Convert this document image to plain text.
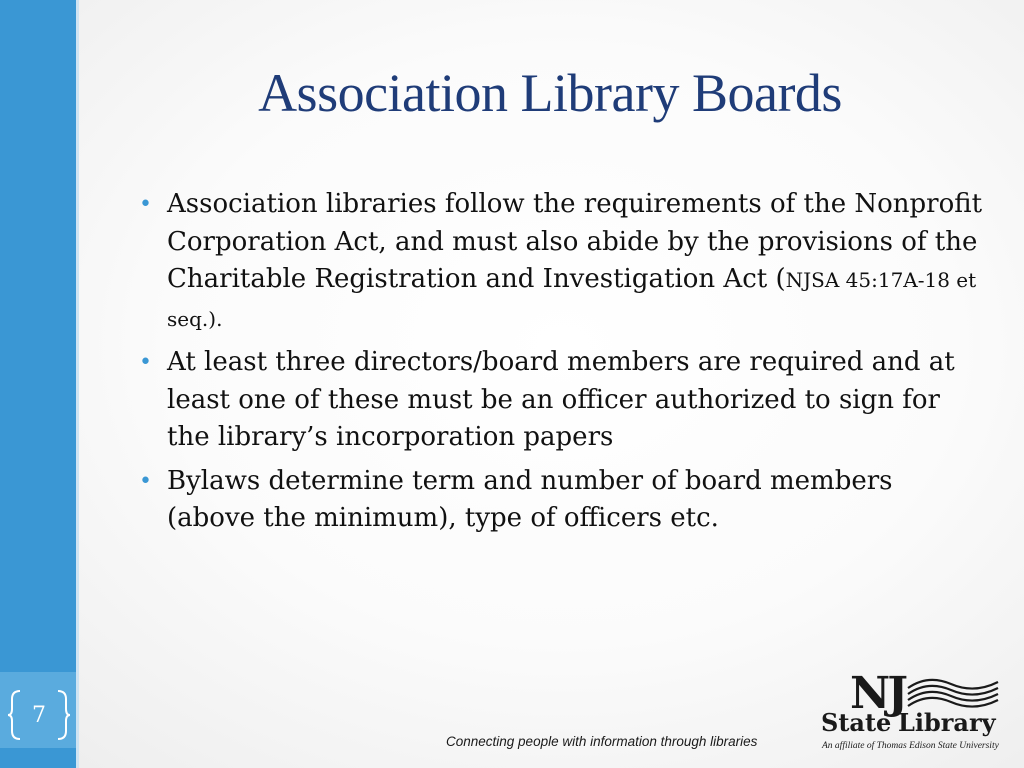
7
Association Library Boards
• Association libraries follow the requirements of the Nonprofit Corporation Act, and must also abide by the provisions of the Charitable Registration and Investigation Act (NJSA 45:17A-18 et seq.).
• At least three directors/board members are required and at least one of these must be an officer authorized to sign for the library’s incorporation papers
• Bylaws determine term and number of board members (above the minimum), type of officers etc.
Connecting people with information through libraries
NJ
State Library
An affiliate of Thomas Edison State University
